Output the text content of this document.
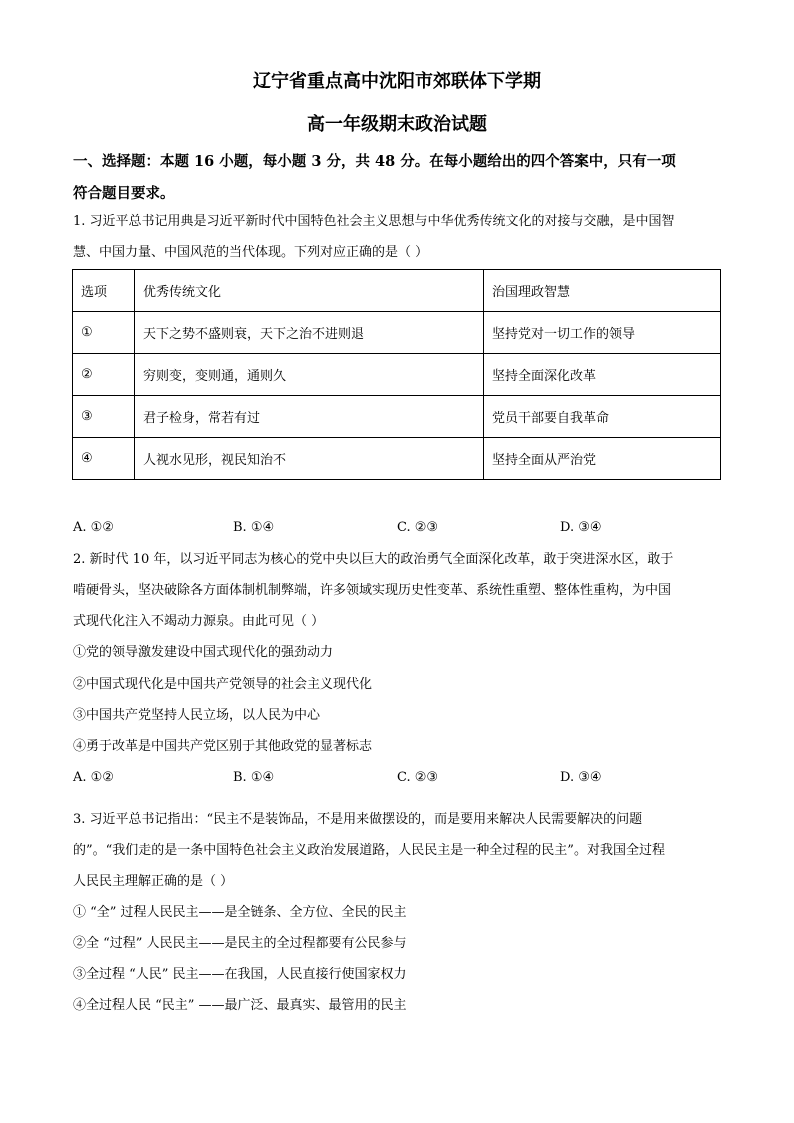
辽宁省重点高中沈阳市郊联体下学期
高一年级期末政治试题
一、选择题：本题 16 小题，每小题 3 分，共 48 分。在每小题给出的四个答案中，只有一项
符合题目要求。
1. 习近平总书记用典是习近平新时代中国特色社会主义思想与中华优秀传统文化的对接与交融，是中国智
慧、中国力量、中国风范的当代体现。下列对应正确的是（ ）
选项	优秀传统文化	治国理政智慧
①	天下之势不盛则衰，天下之治不进则退	坚持党对一切工作的领导
②	穷则变，变则通，通则久	坚持全面深化改革
③	君子检身，常若有过	党员干部要自我革命
④	人视水见形，视民知治不	坚持全面从严治党
A. ①②	B. ①④	C. ②③	D. ③④
2. 新时代 10 年，以习近平同志为核心的党中央以巨大的政治勇气全面深化改革，敢于突进深水区，敢于
啃硬骨头，坚决破除各方面体制机制弊端，许多领域实现历史性变革、系统性重塑、整体性重构，为中国
式现代化注入不竭动力源泉。由此可见（ ）
①党的领导激发建设中国式现代化的强劲动力
②中国式现代化是中国共产党领导的社会主义现代化
③中国共产党坚持人民立场，以人民为中心
④勇于改革是中国共产党区别于其他政党的显著标志
A. ①②	B. ①④	C. ②③	D. ③④
3. 习近平总书记指出：“民主不是装饰品，不是用来做摆设的，而是要用来解决人民需要解决的问题
的”。“我们走的是一条中国特色社会主义政治发展道路，人民民主是一种全过程的民主”。对我国全过程
人民民主理解正确的是（ ）
① “全” 过程人民民主——是全链条、全方位、全民的民主
②全 “过程” 人民民主——是民主的全过程都要有公民参与
③全过程 “人民” 民主——在我国，人民直接行使国家权力
④全过程人民 “民主” ——最广泛、最真实、最管用的民主
